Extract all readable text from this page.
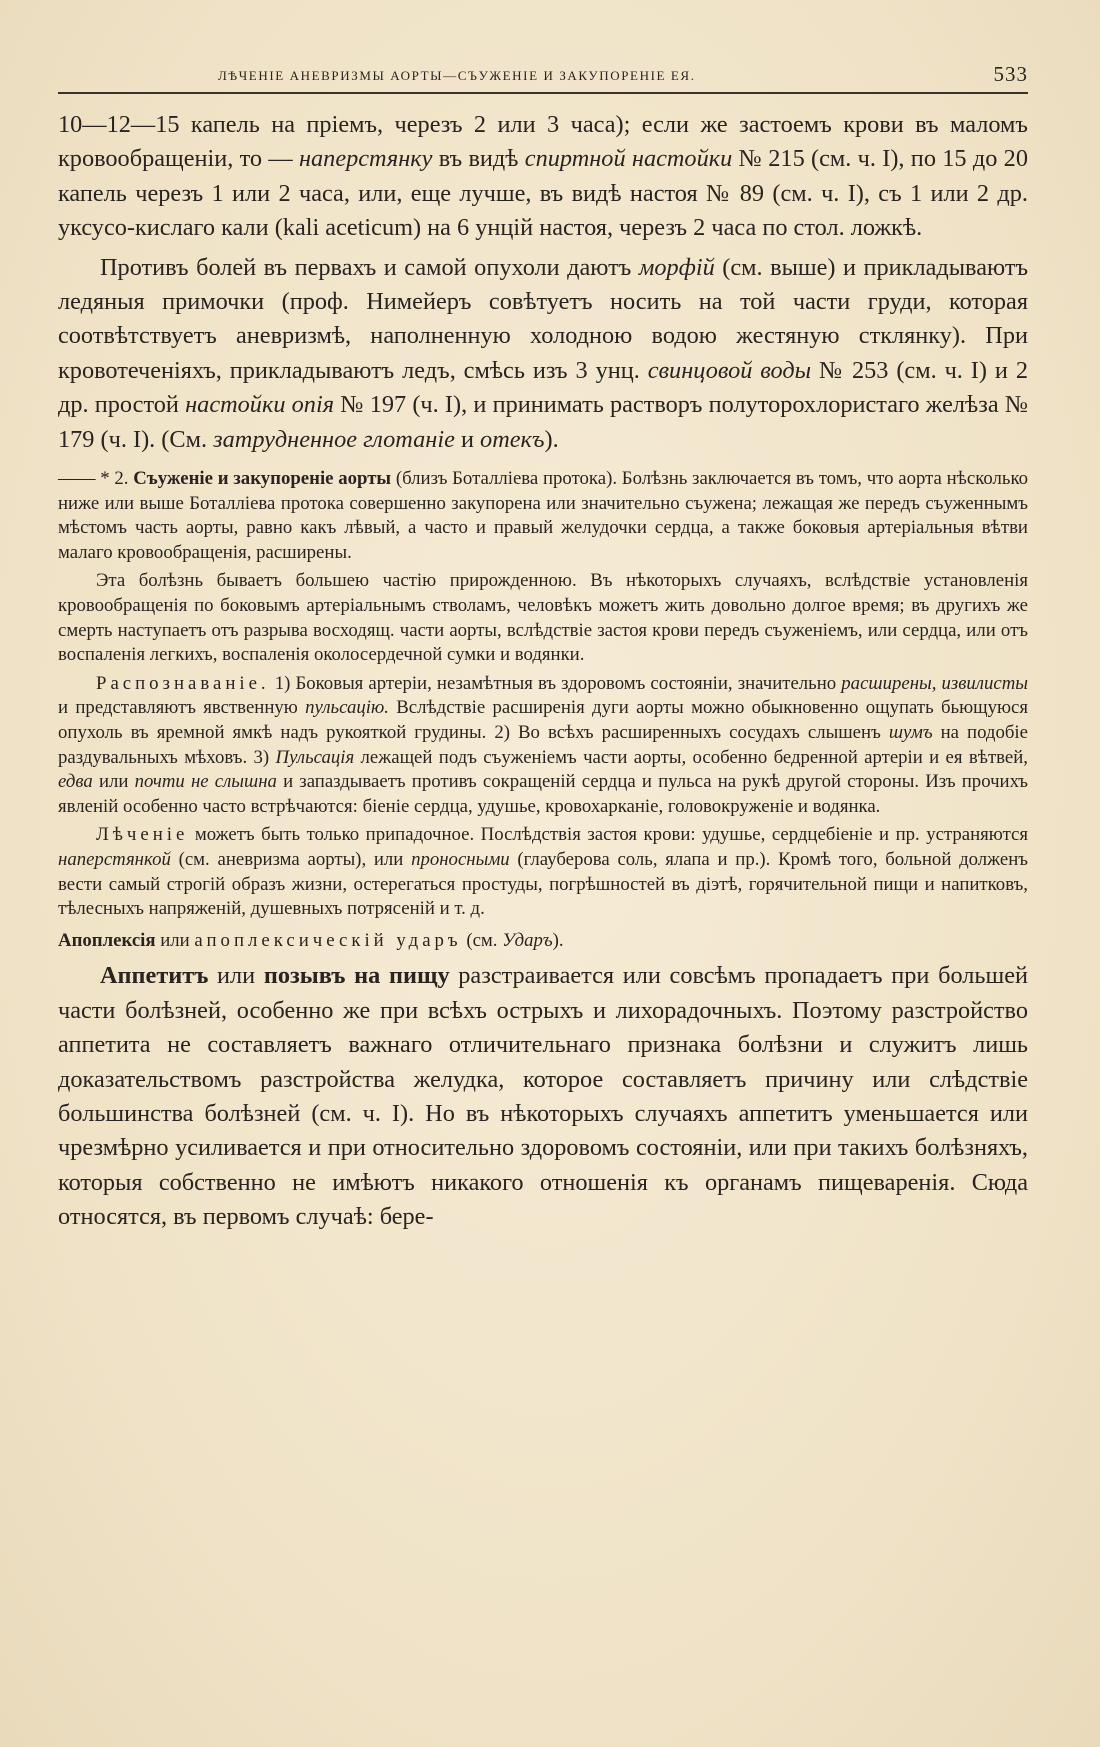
ЛѢЧЕНІЕ АНЕВРИЗМЫ АОРТЫ—СЪУЖЕНІЕ И ЗАКУПОРЕНІЕ ЕЯ.	533

10—12—15 капель на пріемъ, черезъ 2 или 3 часа); если же застоемъ крови въ маломъ кровообращеніи, то — наперстянку въ видѣ спиртной настойки № 215 (см. ч. I), по 15 до 20 капель черезъ 1 или 2 часа, или, еще лучше, въ видѣ настоя № 89 (см. ч. I), съ 1 или 2 др. уксусо-кислаго кали (kali aceticum) на 6 унцій настоя, черезъ 2 часа по стол. ложкѣ.

Противъ болей въ первахъ и самой опухоли даютъ морфій (см. выше) и прикладываютъ ледяныя примочки (проф. Нимейеръ совѣтуетъ носить на той части груди, которая соотвѣтствуетъ аневризмѣ, наполненную холодною водою жестяную стклянку). При кровотеченіяхъ, прикладываютъ ледъ, смѣсь изъ 3 унц. свинцовой воды № 253 (см. ч. I) и 2 др. простой настойки опія № 197 (ч. I), и принимать растворъ полуторохлористаго желѣза № 179 (ч. I). (См. затрудненное глотаніе и отекъ).

—— * 2. Съуженіе и закупореніе аорты (близъ Боталліева протока). Болѣзнь заключается въ томъ, что аорта нѣсколько ниже или выше Боталліева протока совершенно закупорена или значительно съужена; лежащая же передъ съуженнымъ мѣстомъ часть аорты, равно какъ лѣвый, а часто и правый желудочки сердца, а также боковыя артеріальныя вѣтви малаго кровообращенія, расширены.

Эта болѣзнь бываетъ большею частію прирожденною. Въ нѣкоторыхъ случаяхъ, вслѣдствіе установленія кровообращенія по боковымъ артеріальнымъ стволамъ, человѣкъ можетъ жить довольно долгое время; въ другихъ же смерть наступаетъ отъ разрыва восходящ. части аорты, вслѣдствіе застоя крови передъ съуженіемъ, или сердца, или отъ воспаленія легкихъ, воспаленія околосердечной сумки и водянки.

Распознаваніе. 1) Боковыя артеріи, незамѣтныя въ здоровомъ состояніи, значительно расширены, извилисты и представляютъ явственную пульсацію. Вслѣдствіе расширенія дуги аорты можно обыкновенно ощупать бьющуюся опухоль въ яремной ямкѣ надъ рукояткой грудины. 2) Во всѣхъ расширенныхъ сосудахъ слышенъ шумъ на подобіе раздувальныхъ мѣховъ. 3) Пульсація лежащей подъ съуженіемъ части аорты, особенно бедренной артеріи и ея вѣтвей, едва или почти не слышна и запаздываетъ противъ сокращеній сердца и пульса на рукѣ другой стороны. Изъ прочихъ явленій особенно часто встрѣчаются: біеніе сердца, удушье, кровохарканіе, головокруженіе и водянка.

Лѣченіе можетъ быть только припадочное. Послѣдствія застоя крови: удушье, сердцебіеніе и пр. устраняются наперстянкой (см. аневризма аорты), или проносными (глауберова соль, ялапа и пр.). Кромѣ того, больной долженъ вести самый строгій образъ жизни, остерегаться простуды, погрѣшностей въ діэтѣ, горячительной пищи и напитковъ, тѣлесныхъ напряженій, душевныхъ потрясеній и т. д.

Апоплексія или апоплексическій ударъ (см. Ударъ).

Аппетитъ или позывъ на пищу разстраивается или совсѣмъ пропадаетъ при большей части болѣзней, особенно же при всѣхъ острыхъ и лихорадочныхъ. Поэтому разстройство аппетита не составляетъ важнаго отличительнаго признака болѣзни и служитъ лишь доказательствомъ разстройства желудка, которое составляетъ причину или слѣдствіе большинства болѣзней (см. ч. I). Но въ нѣкоторыхъ случаяхъ аппетитъ уменьшается или чрезмѣрно усиливается и при относительно здоровомъ состояніи, или при такихъ болѣзняхъ, которыя собственно не имѣютъ никакого отношенія къ органамъ пищеваренія. Сюда относятся, въ первомъ случаѣ: бере-
